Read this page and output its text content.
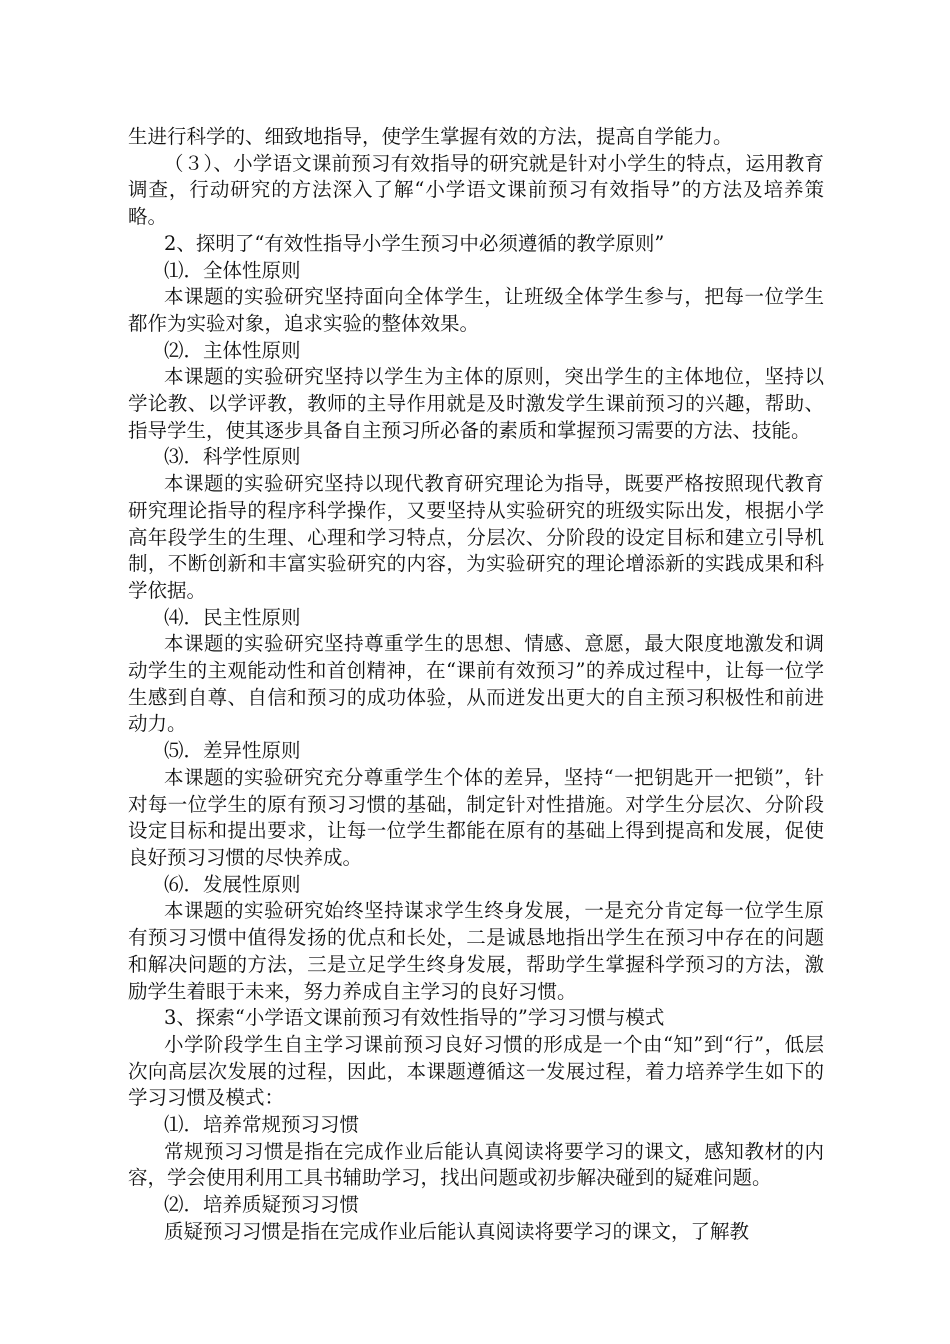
生进行科学的、细致地指导，使学生掌握有效的方法，提高自学能力。

（３）、小学语文课前预习有效指导的研究就是针对小学生的特点，运用教育调查，行动研究的方法深入了解“小学语文课前预习有效指导”的方法及培养策略。

2、探明了“有效性指导小学生预习中必须遵循的教学原则”

⑴．全体性原则

本课题的实验研究坚持面向全体学生，让班级全体学生参与，把每一位学生都作为实验对象，追求实验的整体效果。

⑵．主体性原则

本课题的实验研究坚持以学生为主体的原则，突出学生的主体地位，坚持以学论教、以学评教，教师的主导作用就是及时激发学生课前预习的兴趣，帮助、指导学生，使其逐步具备自主预习所必备的素质和掌握预习需要的方法、技能。

⑶．科学性原则

本课题的实验研究坚持以现代教育研究理论为指导，既要严格按照现代教育研究理论指导的程序科学操作，又要坚持从实验研究的班级实际出发，根据小学高年段学生的生理、心理和学习特点，分层次、分阶段的设定目标和建立引导机制，不断创新和丰富实验研究的内容，为实验研究的理论增添新的实践成果和科学依据。

⑷．民主性原则

本课题的实验研究坚持尊重学生的思想、情感、意愿，最大限度地激发和调动学生的主观能动性和首创精神，在“课前有效预习”的养成过程中，让每一位学生感到自尊、自信和预习的成功体验，从而迸发出更大的自主预习积极性和前进动力。

⑸．差异性原则

本课题的实验研究充分尊重学生个体的差异，坚持“一把钥匙开一把锁”，针对每一位学生的原有预习习惯的基础，制定针对性措施。对学生分层次、分阶段设定目标和提出要求，让每一位学生都能在原有的基础上得到提高和发展，促使良好预习习惯的尽快养成。

⑹．发展性原则

本课题的实验研究始终坚持谋求学生终身发展，一是充分肯定每一位学生原有预习习惯中值得发扬的优点和长处，二是诚恳地指出学生在预习中存在的问题和解决问题的方法，三是立足学生终身发展，帮助学生掌握科学预习的方法，激励学生着眼于未来，努力养成自主学习的良好习惯。

3、探索“小学语文课前预习有效性指导的”学习习惯与模式

小学阶段学生自主学习课前预习良好习惯的形成是一个由“知”到“行”，低层次向高层次发展的过程，因此，本课题遵循这一发展过程，着力培养学生如下的学习习惯及模式：

⑴．培养常规预习习惯

常规预习习惯是指在完成作业后能认真阅读将要学习的课文，感知教材的内容，学会使用利用工具书辅助学习，找出问题或初步解决碰到的疑难问题。

⑵．培养质疑预习习惯

质疑预习习惯是指在完成作业后能认真阅读将要学习的课文，了解教
